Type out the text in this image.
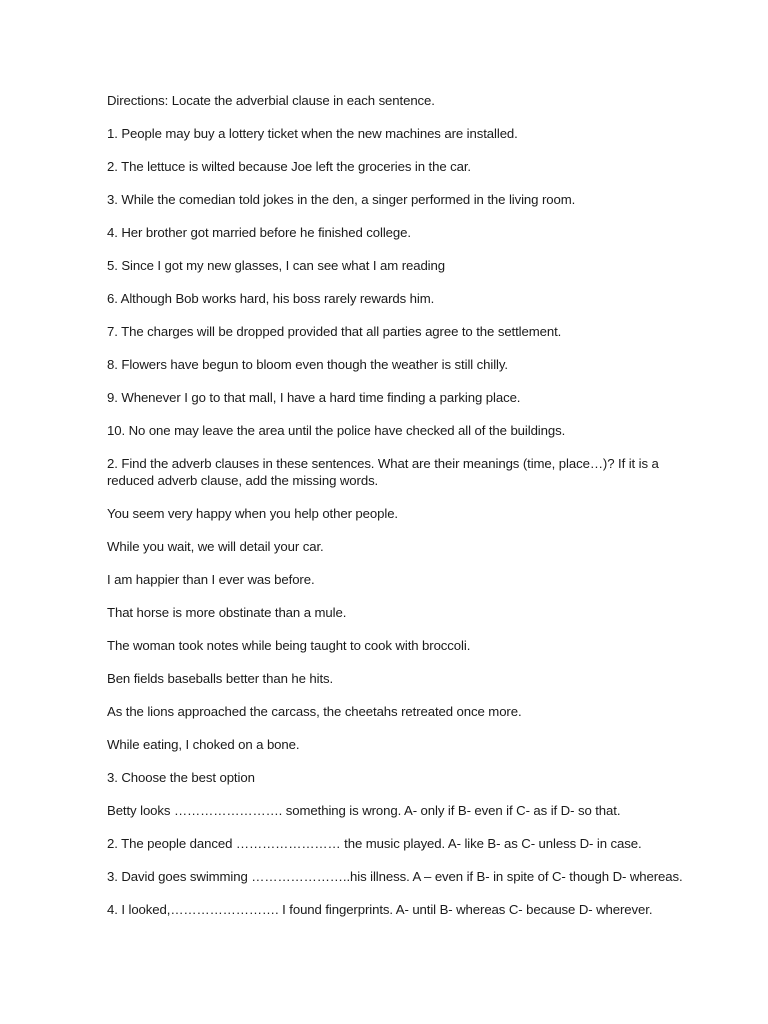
Directions: Locate the adverbial clause in each sentence.
1. People may buy a lottery ticket when the new machines are installed.
2. The lettuce is wilted because Joe left the groceries in the car.
3. While the comedian told jokes in the den, a singer performed in the living room.
4. Her brother got married before he finished college.
5. Since I got my new glasses, I can see what I am reading
6. Although Bob works hard, his boss rarely rewards him.
7. The charges will be dropped provided that all parties agree to the settlement.
8. Flowers have begun to bloom even though the weather is still chilly.
9. Whenever I go to that mall, I have a hard time finding a parking place.
10. No one may leave the area until the police have checked all of the buildings.
2. Find the adverb clauses in these sentences. What are their meanings (time, place…)? If it is a
reduced adverb clause, add the missing words.
You seem very happy when you help other people.
While you wait, we will detail your car.
I am happier than I ever was before.
That horse is more obstinate than a mule.
The woman took notes while being taught to cook with broccoli.
Ben fields baseballs better than he hits.
As the lions approached the carcass, the cheetahs retreated once more.
While eating, I choked on a bone.
3. Choose the best option
Betty looks ……………………. something is wrong. A- only if B- even if C- as if D- so that.
2. The people danced …………………… the music played. A- like B- as C- unless D- in case.
3. David goes swimming …………………..his illness. A – even if B- in spite of C- though D- whereas.
4. I looked,……………………. I found fingerprints. A- until B- whereas C- because D- wherever.
